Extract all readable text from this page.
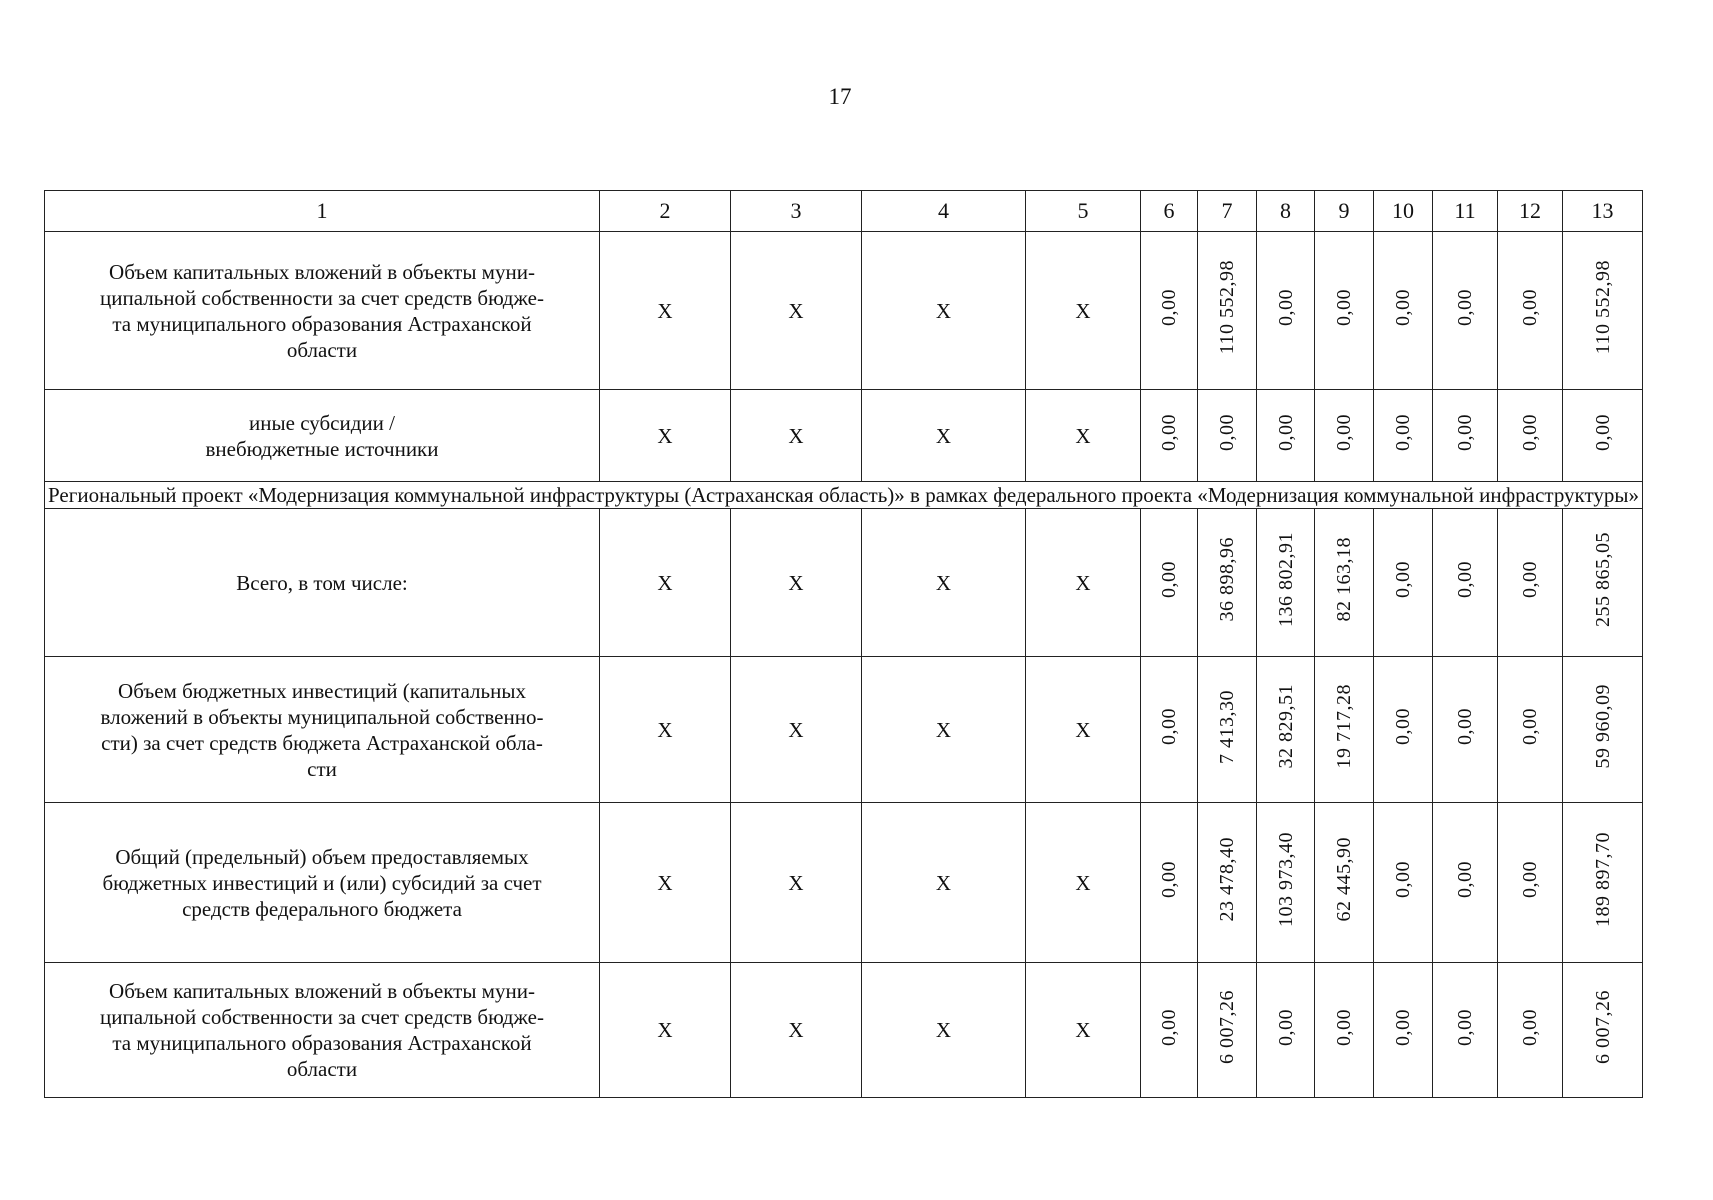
17
1	2	3	4	5	6	7	8	9	10	11	12	13
Объем капитальных вложений в объекты муни-
ципальной собственности за счет средств бюдже-
та муниципального образования Астраханской
области	Х	Х	Х	Х	0,00	110 552,98	0,00	0,00	0,00	0,00	0,00	110 552,98
иные субсидии /
внебюджетные источники	Х	Х	Х	Х	0,00	0,00	0,00	0,00	0,00	0,00	0,00	0,00
Региональный проект «Модернизация коммунальной инфраструктуры (Астраханская область)» в рамках федерального проекта «Модернизация коммунальной инфраструктуры»												
Всего, в том числе:	Х	Х	Х	Х	0,00	36 898,96	136 802,91	82 163,18	0,00	0,00	0,00	255 865,05
Объем бюджетных инвестиций (капитальных
вложений в объекты муниципальной собственно-
сти) за счет средств бюджета Астраханской обла-
сти	Х	Х	Х	Х	0,00	7 413,30	32 829,51	19 717,28	0,00	0,00	0,00	59 960,09
Общий (предельный) объем предоставляемых
бюджетных инвестиций и (или) субсидий за счет
средств федерального бюджета	Х	Х	Х	Х	0,00	23 478,40	103 973,40	62 445,90	0,00	0,00	0,00	189 897,70
Объем капитальных вложений в объекты муни-
ципальной собственности за счет средств бюдже-
та муниципального образования Астраханской
области	Х	Х	Х	Х	0,00	6 007,26	0,00	0,00	0,00	0,00	0,00	6 007,26
